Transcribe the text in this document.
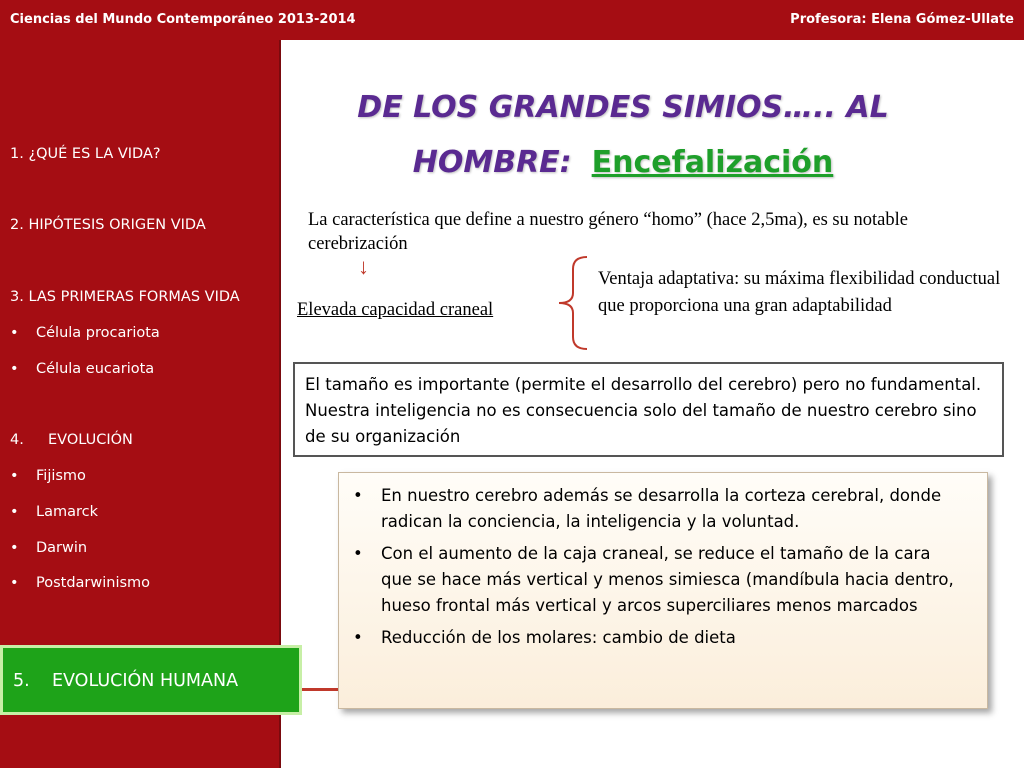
Ciencias del Mundo Contemporáneo 2013-2014	Profesora: Elena Gómez-Ullate
1. ¿QUÉ ES LA VIDA?
2. HIPÓTESIS ORIGEN VIDA
3. LAS PRIMERAS FORMAS VIDA
• Célula procariota
• Célula eucariota
4. EVOLUCIÓN
• Fijismo
• Lamarck
• Darwin
• Postdarwinismo
5.    EVOLUCIÓN HUMANA
DE LOS GRANDES SIMIOS….. AL
HOMBRE: Encefalización
La característica que define a nuestro género “homo” (hace 2,5ma), es su notable cerebrización
↓
Elevada capacidad craneal
Ventaja adaptativa: su máxima flexibilidad conductual que proporciona una gran adaptabilidad
El tamaño es importante (permite el desarrollo del cerebro) pero no fundamental. Nuestra inteligencia no es consecuencia solo del tamaño de nuestro cerebro sino de su organización
• En nuestro cerebro además se desarrolla la corteza cerebral, donde radican la conciencia, la inteligencia y la voluntad.
• Con el aumento de la caja craneal, se reduce el tamaño de la cara que se hace más vertical y menos simiesca (mandíbula hacia dentro, hueso frontal más vertical y arcos superciliares menos marcados
• Reducción de los molares: cambio de dieta
